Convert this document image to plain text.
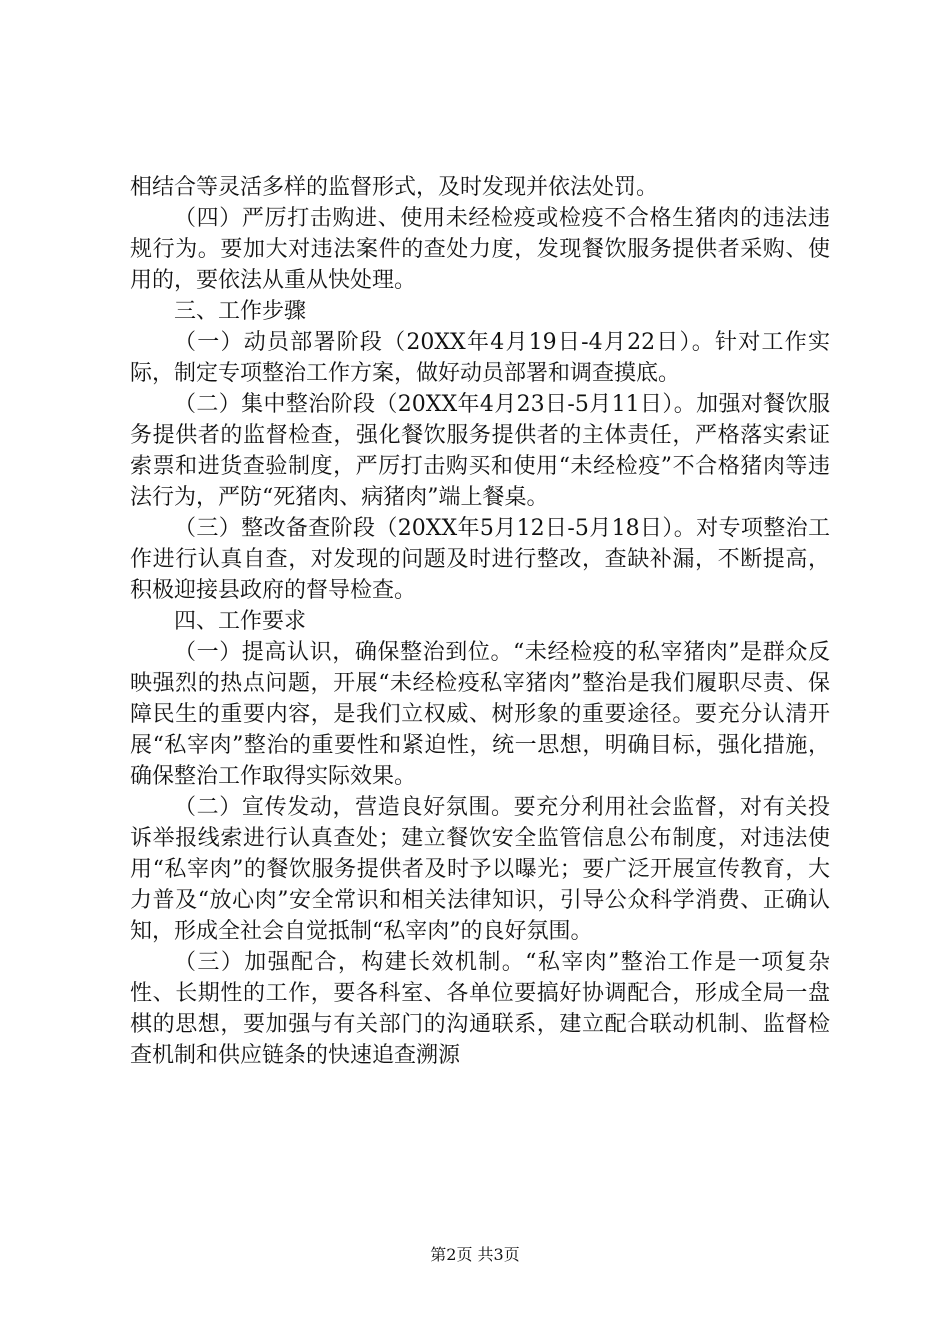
相结合等灵活多样的监督形式，及时发现并依法处罚。

（四）严厉打击购进、使用未经检疫或检疫不合格生猪肉的违法违规行为。要加大对违法案件的查处力度，发现餐饮服务提供者采购、使用的，要依法从重从快处理。

三、工作步骤

（一）动员部署阶段（20XX年4月19日-4月22日）。针对工作实际，制定专项整治工作方案，做好动员部署和调查摸底。

（二）集中整治阶段（20XX年4月23日-5月11日）。加强对餐饮服务提供者的监督检查，强化餐饮服务提供者的主体责任，严格落实索证索票和进货查验制度，严厉打击购买和使用“未经检疫”不合格猪肉等违法行为，严防“死猪肉、病猪肉”端上餐桌。

（三）整改备查阶段（20XX年5月12日-5月18日）。对专项整治工作进行认真自查，对发现的问题及时进行整改，查缺补漏，不断提高，积极迎接县政府的督导检查。

四、工作要求

（一）提高认识，确保整治到位。“未经检疫的私宰猪肉”是群众反映强烈的热点问题，开展“未经检疫私宰猪肉”整治是我们履职尽责、保障民生的重要内容，是我们立权威、树形象的重要途径。要充分认清开展“私宰肉”整治的重要性和紧迫性，统一思想，明确目标，强化措施，确保整治工作取得实际效果。

（二）宣传发动，营造良好氛围。要充分利用社会监督，对有关投诉举报线索进行认真查处；建立餐饮安全监管信息公布制度，对违法使用“私宰肉”的餐饮服务提供者及时予以曝光；要广泛开展宣传教育，大力普及“放心肉”安全常识和相关法律知识，引导公众科学消费、正确认知，形成全社会自觉抵制“私宰肉”的良好氛围。

（三）加强配合，构建长效机制。“私宰肉”整治工作是一项复杂性、长期性的工作，要各科室、各单位要搞好协调配合，形成全局一盘棋的思想，要加强与有关部门的沟通联系，建立配合联动机制、监督检查机制和供应链条的快速追查溯源

第2页 共3页
